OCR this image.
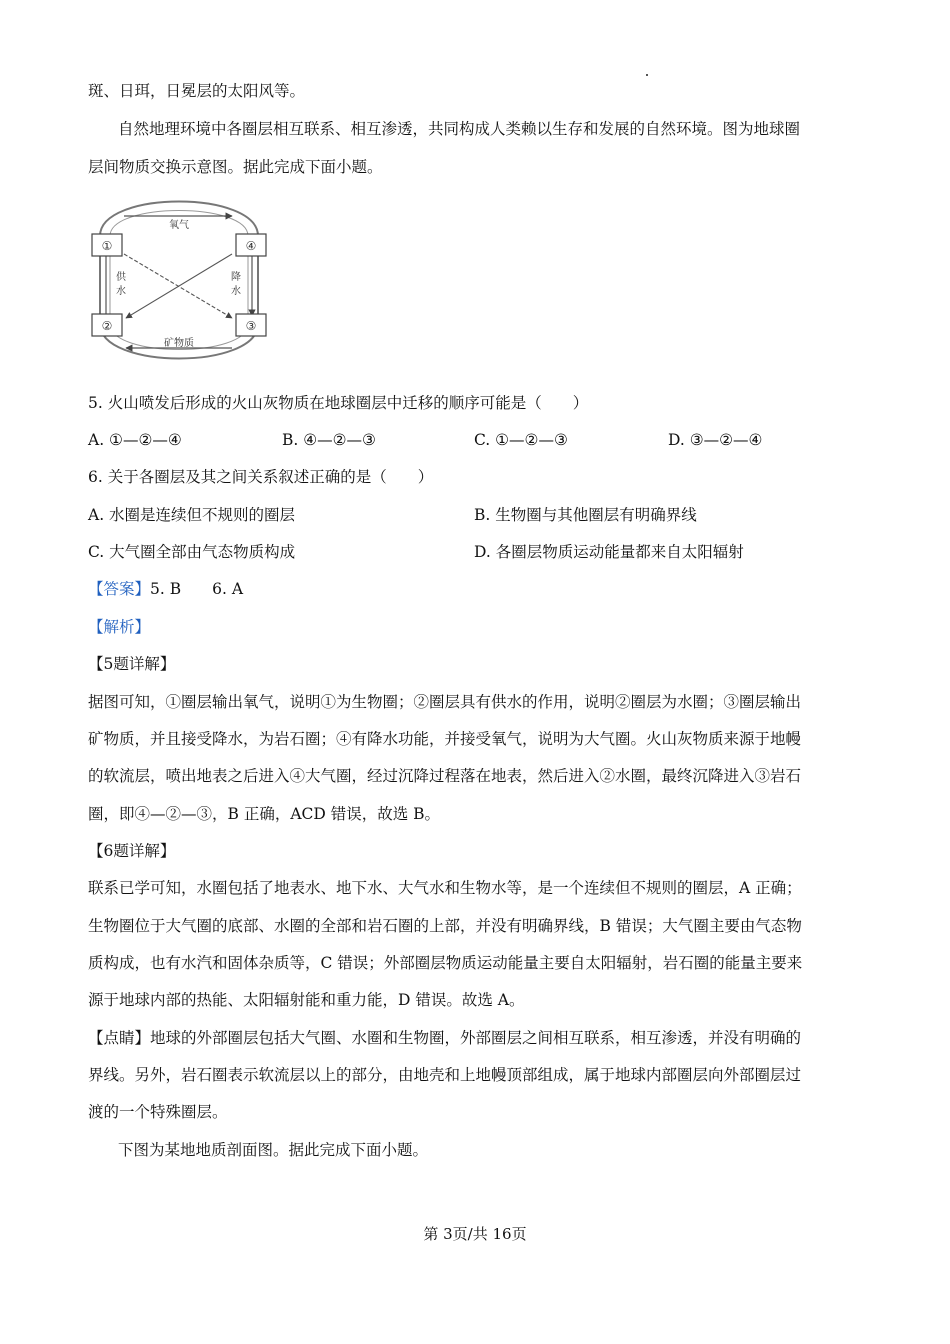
斑、日珥，日冕层的太阳风等。
自然地理环境中各圈层相互联系、相互渗透，共同构成人类赖以生存和发展的自然环境。图为地球圈
层间物质交换示意图。据此完成下面小题。
①	④
②	③
氧气
供
水
降
水
矿物质
5. 火山喷发后形成的火山灰物质在地球圈层中迁移的顺序可能是（　　）
A. ①—②—④	B. ④—②—③	C. ①—②—③	D. ③—②—④
6. 关于各圈层及其之间关系叙述正确的是（　　）
A. 水圈是连续但不规则的圈层	B. 生物圈与其他圈层有明确界线
C. 大气圈全部由气态物质构成	D. 各圈层物质运动能量都来自太阳辐射
【答案】5. B　　6. A
【解析】
【5题详解】
据图可知，①圈层输出氧气，说明①为生物圈；②圈层具有供水的作用，说明②圈层为水圈；③圈层输出
矿物质，并且接受降水，为岩石圈；④有降水功能，并接受氧气，说明为大气圈。火山灰物质来源于地幔
的软流层，喷出地表之后进入④大气圈，经过沉降过程落在地表，然后进入②水圈，最终沉降进入③岩石
圈，即④—②—③，B 正确，ACD 错误，故选 B。
【6题详解】
联系已学可知，水圈包括了地表水、地下水、大气水和生物水等，是一个连续但不规则的圈层，A 正确；
生物圈位于大气圈的底部、水圈的全部和岩石圈的上部，并没有明确界线，B 错误；大气圈主要由气态物
质构成，也有水汽和固体杂质等，C 错误；外部圈层物质运动能量主要自太阳辐射，岩石圈的能量主要来
源于地球内部的热能、太阳辐射能和重力能，D 错误。故选 A。
【点睛】地球的外部圈层包括大气圈、水圈和生物圈，外部圈层之间相互联系，相互渗透，并没有明确的
界线。另外，岩石圈表示软流层以上的部分，由地壳和上地幔顶部组成，属于地球内部圈层向外部圈层过
渡的一个特殊圈层。
下图为某地地质剖面图。据此完成下面小题。
第 3页/共 16页
